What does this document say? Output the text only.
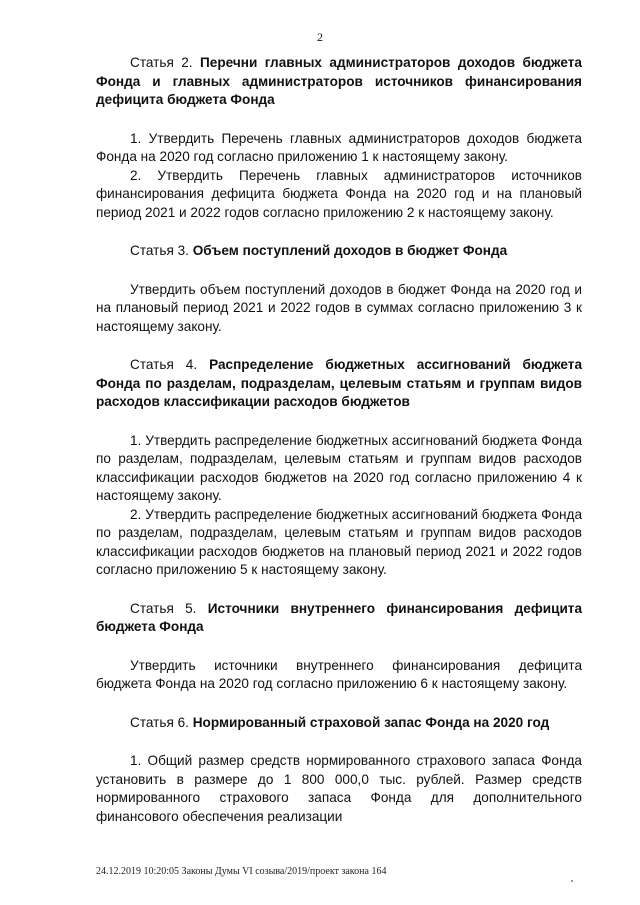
2

Статья 2. Перечни главных администраторов доходов бюджета Фонда и главных администраторов источников финансирования дефицита бюджета Фонда

1. Утвердить Перечень главных администраторов доходов бюджета Фонда на 2020 год согласно приложению 1 к настоящему закону.

2. Утвердить Перечень главных администраторов источников финансирования дефицита бюджета Фонда на 2020 год и на плановый период 2021 и 2022 годов согласно приложению 2 к настоящему закону.

Статья 3. Объем поступлений доходов в бюджет Фонда

Утвердить объем поступлений доходов в бюджет Фонда на 2020 год и на плановый период 2021 и 2022 годов в суммах согласно приложению 3 к настоящему закону.

Статья 4. Распределение бюджетных ассигнований бюджета Фонда по разделам, подразделам, целевым статьям и группам видов расходов классификации расходов бюджетов

1. Утвердить распределение бюджетных ассигнований бюджета Фонда по разделам, подразделам, целевым статьям и группам видов расходов классификации расходов бюджетов на 2020 год согласно приложению 4 к настоящему закону.

2. Утвердить распределение бюджетных ассигнований бюджета Фонда по разделам, подразделам, целевым статьям и группам видов расходов классификации расходов бюджетов на плановый период 2021 и 2022 годов согласно приложению 5 к настоящему закону.

Статья 5. Источники внутреннего финансирования дефицита бюджета Фонда

Утвердить источники внутреннего финансирования дефицита бюджета Фонда на 2020 год согласно приложению 6 к настоящему закону.

Статья 6. Нормированный страховой запас Фонда на 2020 год

1. Общий размер средств нормированного страхового запаса Фонда установить в размере до 1 800 000,0 тыс. рублей. Размер средств нормированного страхового запаса Фонда для дополнительного финансового обеспечения реализации

24.12.2019 10:20:05 Законы Думы VI созыва/2019/проект закона 164
